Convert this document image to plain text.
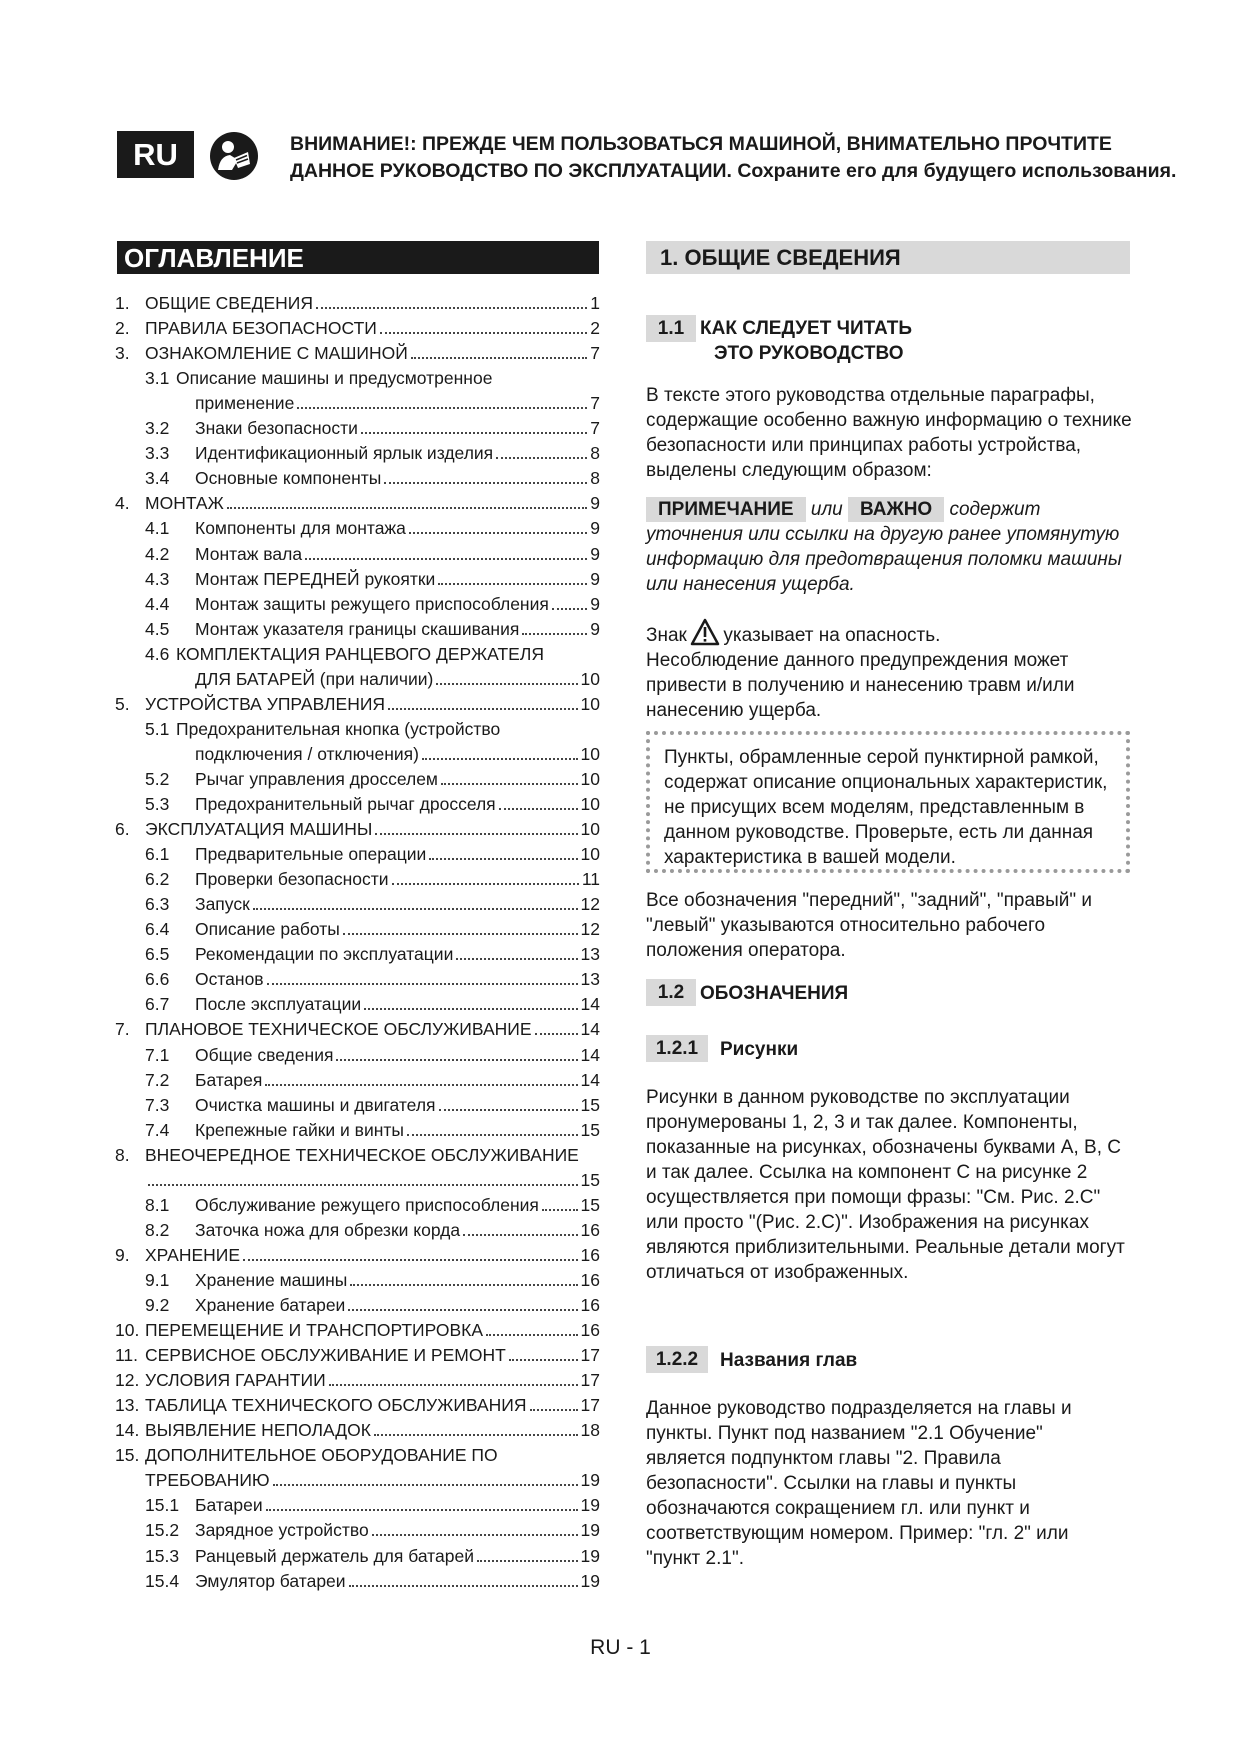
RU	ВНИМАНИЕ!: ПРЕЖДЕ ЧЕМ ПОЛЬЗОВАТЬСЯ МАШИНОЙ, ВНИМАТЕЛЬНО ПРОЧТИТЕ
ДАННОЕ РУКОВОДСТВО ПО ЭКСПЛУАТАЦИИ. Сохраните его для будущего использования.
ОГЛАВЛЕНИЕ
1. ОБЩИЕ СВЕДЕНИЯ	1
2. ПРАВИЛА БЕЗОПАСНОСТИ	2
3. ОЗНАКОМЛЕНИЕ С МАШИНОЙ	7
3.1 Описание машины и предусмотренное
применение	7
3.2	Знаки безопасности	7
3.3	Идентификационный ярлык изделия	8
3.4	Основные компоненты	8
4. МОНТАЖ	9
4.1	Компоненты для монтажа	9
4.2	Монтаж вала	9
4.3	Монтаж ПЕРЕДНЕЙ рукоятки	9
4.4	Монтаж защиты режущего приспособления 9
4.5	Монтаж указателя границы скашивания	9
4.6 КОМПЛЕКТАЦИЯ РАНЦЕВОГО ДЕРЖАТЕЛЯ
ДЛЯ БАТАРЕЙ (при наличии)	10
5. УСТРОЙСТВА УПРАВЛЕНИЯ	10
5.1 Предохранительная кнопка (устройство
подключения / отключения)	10
5.2	Рычаг управления дросселем	10
5.3	Предохранительный рычаг дросселя	10
6. ЭКСПЛУАТАЦИЯ МАШИНЫ	10
6.1	Предварительные операции	10
6.2	Проверки безопасности	11
6.3	Запуск	12
6.4	Описание работы	12
6.5	Рекомендации по эксплуатации	13
6.6	Останов	13
6.7	После эксплуатации	14
7. ПЛАНОВОЕ ТЕХНИЧЕСКОЕ ОБСЛУЖИВАНИЕ	14
7.1	Общие сведения	14
7.2	Батарея	14
7.3	Очистка машины и двигателя	15
7.4	Крепежные гайки и винты	15
8. ВНЕОЧЕРЕДНОЕ ТЕХНИЧЕСКОЕ ОБСЛУЖИВАНИЕ
15
8.1	Обслуживание режущего приспособления 15
8.2	Заточка ножа для обрезки корда	16
9. ХРАНЕНИЕ	16
9.1	Хранение машины	16
9.2	Хранение батареи	16
10. ПЕРЕМЕЩЕНИЕ И ТРАНСПОРТИРОВКА	16
11. СЕРВИСНОЕ ОБСЛУЖИВАНИЕ И РЕМОНТ	17
12. УСЛОВИЯ ГАРАНТИИ	17
13. ТАБЛИЦА ТЕХНИЧЕСКОГО ОБСЛУЖИВАНИЯ	17
14. ВЫЯВЛЕНИЕ НЕПОЛАДОК	18
15. ДОПОЛНИТЕЛЬНОЕ ОБОРУДОВАНИЕ ПО
ТРЕБОВАНИЮ	19
15.1 Батареи	19
15.2 Зарядное устройство	19
15.3 Ранцевый держатель для батарей	19
15.4 Эмулятор батареи	19
1. ОБЩИЕ СВЕДЕНИЯ
1.1 КАК СЛЕДУЕТ ЧИТАТЬ
ЭТО РУКОВОДСТВО
В тексте этого руководства отдельные параграфы, содержащие особенно важную информацию о технике безопасности или принципах работы устройства, выделены следующим образом:
ПРИМЕЧАНИЕ или ВАЖНО содержит уточнения или ссылки на другую ранее упомянутую информацию для предотвращения поломки машины или нанесения ущерба.
Знак указывает на опасность.
Несоблюдение данного предупреждения может привести в получению и нанесению травм и/или нанесению ущерба.
Пункты, обрамленные серой пунктирной рамкой, содержат описание опциональных характеристик, не присущих всем моделям, представленным в данном руководстве. Проверьте, есть ли данная характеристика в вашей модели.
Все обозначения "передний", "задний", "правый" и "левый" указываются относительно рабочего положения оператора.
1.2 ОБОЗНАЧЕНИЯ
1.2.1	Рисунки
Рисунки в данном руководстве по эксплуатации пронумерованы 1, 2, 3 и так далее. Компоненты, показанные на рисунках, обозначены буквами A, B, C и так далее. Ссылка на компонент C на рисунке 2 осуществляется при помощи фразы: "См. Рис. 2.C" или просто "(Рис. 2.C)". Изображения на рисунках являются приблизительными. Реальные детали могут отличаться от изображенных.
1.2.2	Названия глав
Данное руководство подразделяется на главы и пункты. Пункт под названием "2.1 Обучение" является подпунктом главы "2. Правила безопасности". Ссылки на главы и пункты обозначаются сокращением гл. или пункт и соответствующим номером. Пример: "гл. 2" или "пункт 2.1".
RU - 1
